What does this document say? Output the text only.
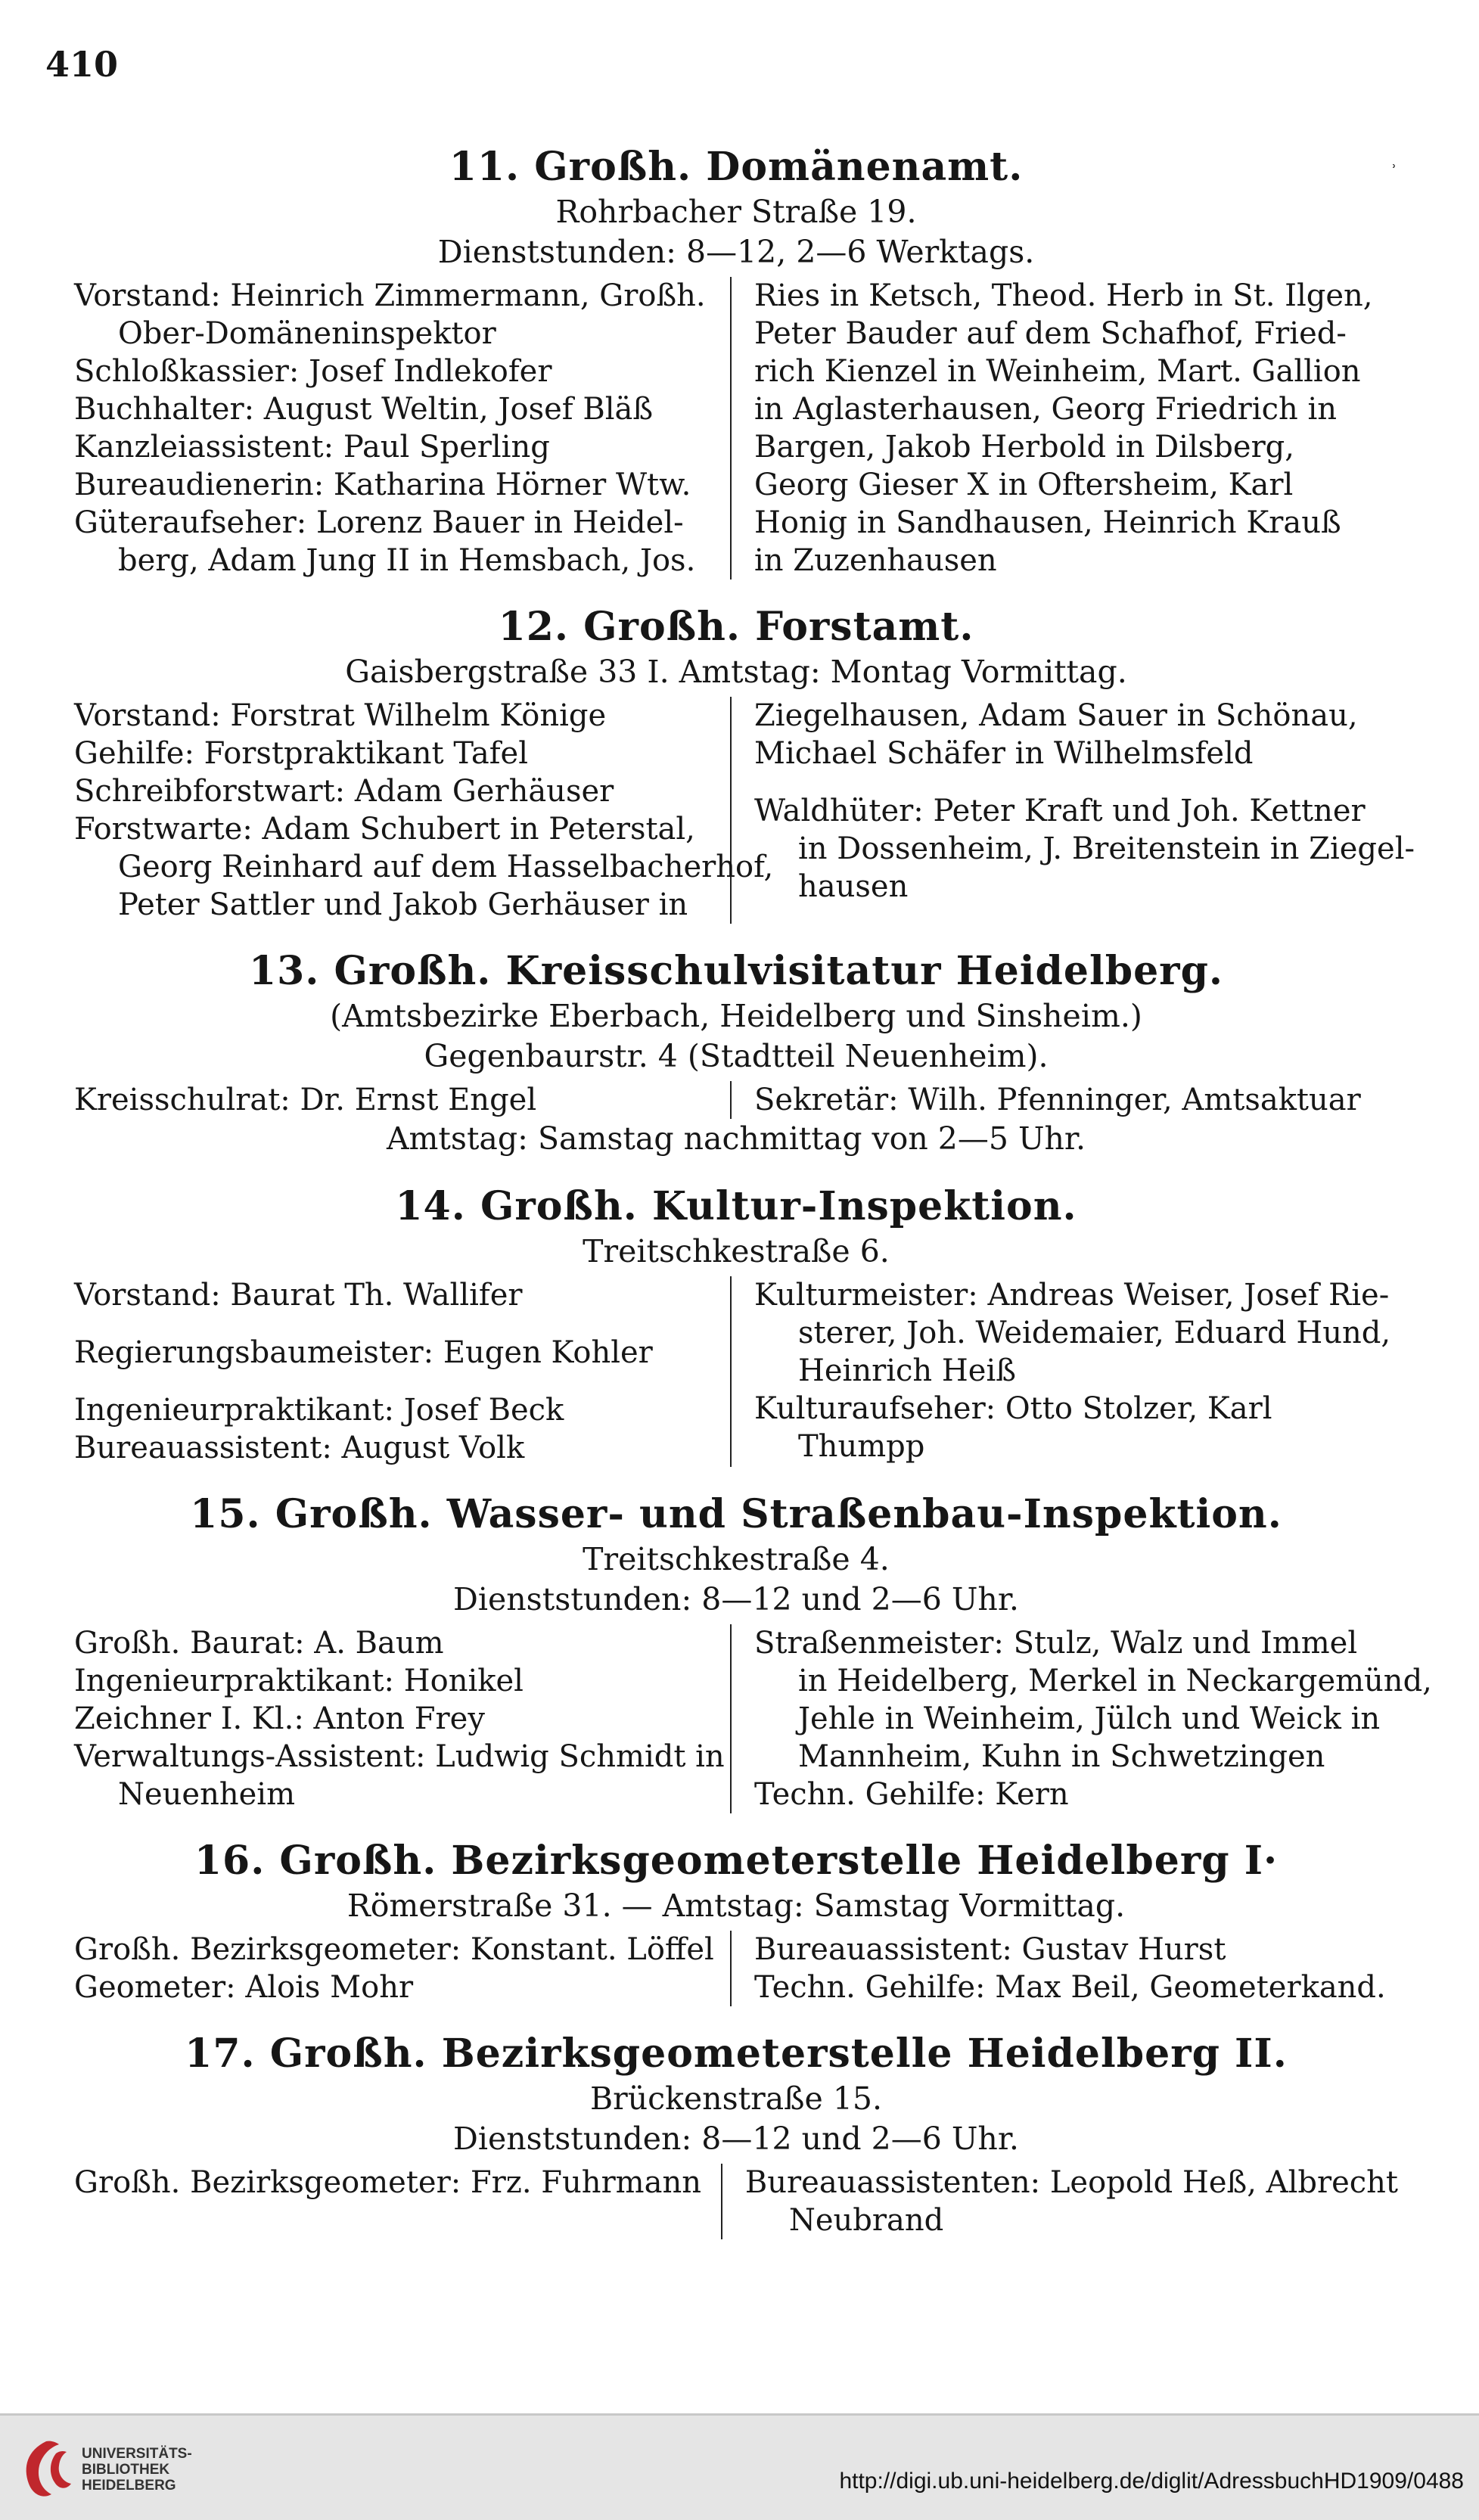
410
˒
11. Großh. Domänenamt.
Rohrbacher Straße 19.
Dienststunden: 8—12, 2—6 Werktags.
Vorstand: Heinrich Zimmermann, Großh.
Ober-Domäneninspektor
Schloßkassier: Josef Indlekofer
Buchhalter: August Weltin, Josef Bläß
Kanzleiassistent: Paul Sperling
Bureaudienerin: Katharina Hörner Wtw.
Güteraufseher: Lorenz Bauer in Heidel-
berg, Adam Jung II in Hemsbach, Jos.
Ries in Ketsch, Theod. Herb in St. Ilgen,
Peter Bauder auf dem Schafhof, Fried-
rich Kienzel in Weinheim, Mart. Gallion
in Aglasterhausen, Georg Friedrich in
Bargen, Jakob Herbold in Dilsberg,
Georg Gieser X in Oftersheim, Karl
Honig in Sandhausen, Heinrich Krauß
in Zuzenhausen
12. Großh. Forstamt.
Gaisbergstraße 33 I. Amtstag: Montag Vormittag.
Vorstand: Forstrat Wilhelm Könige
Gehilfe: Forstpraktikant Tafel
Schreibforstwart: Adam Gerhäuser
Forstwarte: Adam Schubert in Peterstal,
Georg Reinhard auf dem Hasselbacherhof,
Peter Sattler und Jakob Gerhäuser in
Ziegelhausen, Adam Sauer in Schönau,
Michael Schäfer in Wilhelmsfeld
Waldhüter: Peter Kraft und Joh. Kettner
in Dossenheim, J. Breitenstein in Ziegel-
hausen
13. Großh. Kreisschulvisitatur Heidelberg.
(Amtsbezirke Eberbach, Heidelberg und Sinsheim.)
Gegenbaurstr. 4 (Stadtteil Neuenheim).
Kreisschulrat: Dr. Ernst Engel	Sekretär: Wilh. Pfenninger, Amtsaktuar
Amtstag: Samstag nachmittag von 2—5 Uhr.
14. Großh. Kultur-Inspektion.
Treitschkestraße 6.
Vorstand: Baurat Th. Wallifer
Regierungsbaumeister: Eugen Kohler
Ingenieurpraktikant: Josef Beck
Bureauassistent: August Volk
Kulturmeister: Andreas Weiser, Josef Rie-
sterer, Joh. Weidemaier, Eduard Hund,
Heinrich Heiß
Kulturaufseher: Otto Stolzer, Karl
Thumpp
15. Großh. Wasser- und Straßenbau-Inspektion.
Treitschkestraße 4.
Dienststunden: 8—12 und 2—6 Uhr.
Großh. Baurat: A. Baum
Ingenieurpraktikant: Honikel
Zeichner I. Kl.: Anton Frey
Verwaltungs-Assistent: Ludwig Schmidt in
Neuenheim
Straßenmeister: Stulz, Walz und Immel
in Heidelberg, Merkel in Neckargemünd,
Jehle in Weinheim, Jülch und Weick in
Mannheim, Kuhn in Schwetzingen
Techn. Gehilfe: Kern
16. Großh. Bezirksgeometerstelle Heidelberg I·
Römerstraße 31. — Amtstag: Samstag Vormittag.
Großh. Bezirksgeometer: Konstant. Löffel
Geometer: Alois Mohr
Bureauassistent: Gustav Hurst
Techn. Gehilfe: Max Beil, Geometerkand.
17. Großh. Bezirksgeometerstelle Heidelberg II.
Brückenstraße 15.
Dienststunden: 8—12 und 2—6 Uhr.
Großh. Bezirksgeometer: Frz. Fuhrmann Bureauassistenten: Leopold Heß, Albrecht
Neubrand
UNIVERSITÄTS-
BIBLIOTHEK
HEIDELBERG	http://digi.ub.uni-heidelberg.de/diglit/AdressbuchHD1909/0488
